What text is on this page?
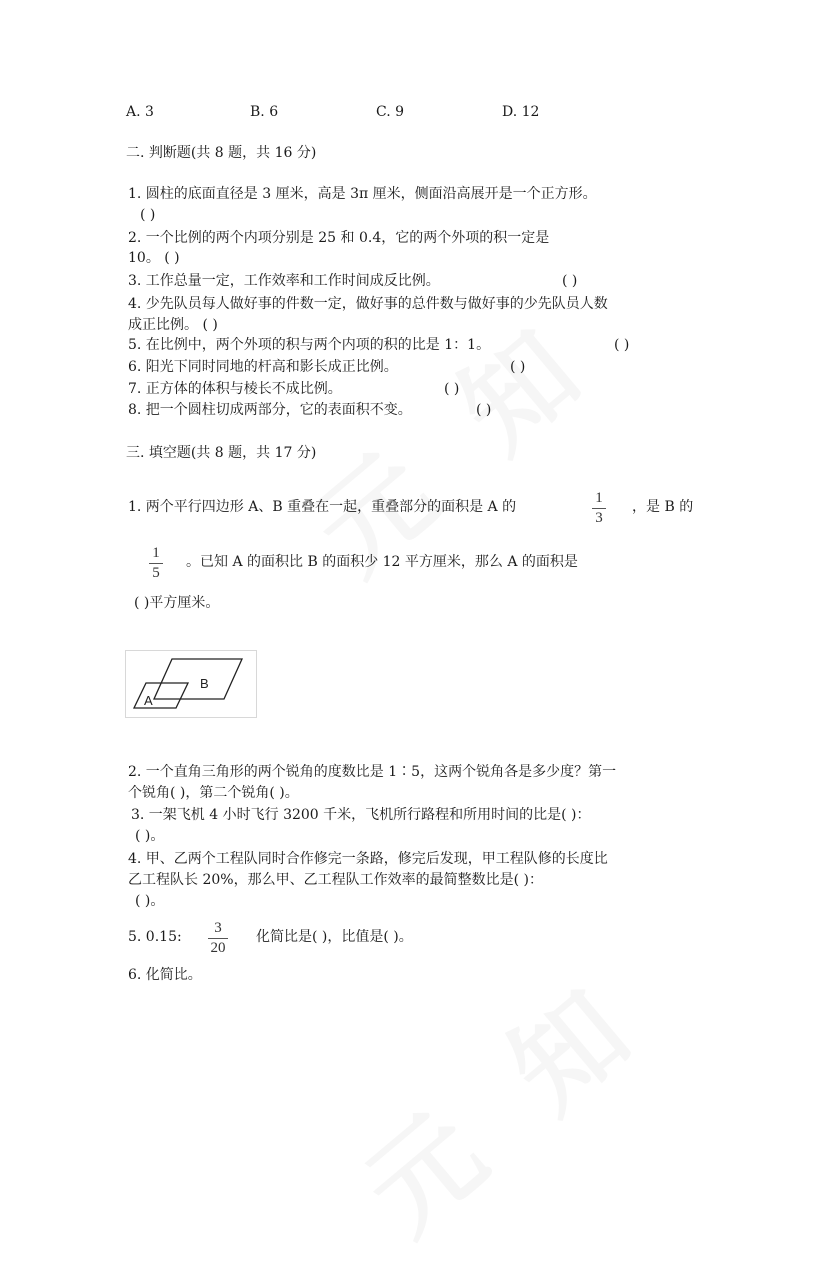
A. 3	B. 6	C. 9	D. 12
二. 判断题(共 8 题，共 16 分)
1. 圆柱的底面直径是 3 厘米，高是 3π 厘米，侧面沿高展开是一个正方形。
( )
2. 一个比例的两个内项分别是 25 和 0.4，它的两个外项的积一定是
10。 ( )
3. 工作总量一定，工作效率和工作时间成反比例。	( )
4. 少先队员每人做好事的件数一定，做好事的总件数与做好事的少先队员人数
成正比例。 ( )
5. 在比例中，两个外项的积与两个内项的积的比是 1：1。	( )
6. 阳光下同时同地的杆高和影长成正比例。	( )
7. 正方体的体积与棱长不成比例。	( )
8. 把一个圆柱切成两部分，它的表面积不变。	( )
三. 填空题(共 8 题，共 17 分)
1. 两个平行四边形 A、B 重叠在一起，重叠部分的面积是 A 的
1
3
，是 B 的
1
5
。已知 A 的面积比 B 的面积少 12 平方厘米，那么 A 的面积是
( )平方厘米。
B
A
2. 一个直角三角形的两个锐角的度数比是 1∶5，这两个锐角各是多少度？第一
个锐角( )，第二个锐角( )。
3. 一架飞机 4 小时飞行 3200 千米，飞机所行路程和所用时间的比是( )：
( )。
4. 甲、乙两个工程队同时合作修完一条路，修完后发现，甲工程队修的长度比
乙工程队长 20%，那么甲、乙工程队工作效率的最简整数比是( )：
( )。
5. 0.15:
3
20
化简比是( )，比值是( )。
6. 化简比。
